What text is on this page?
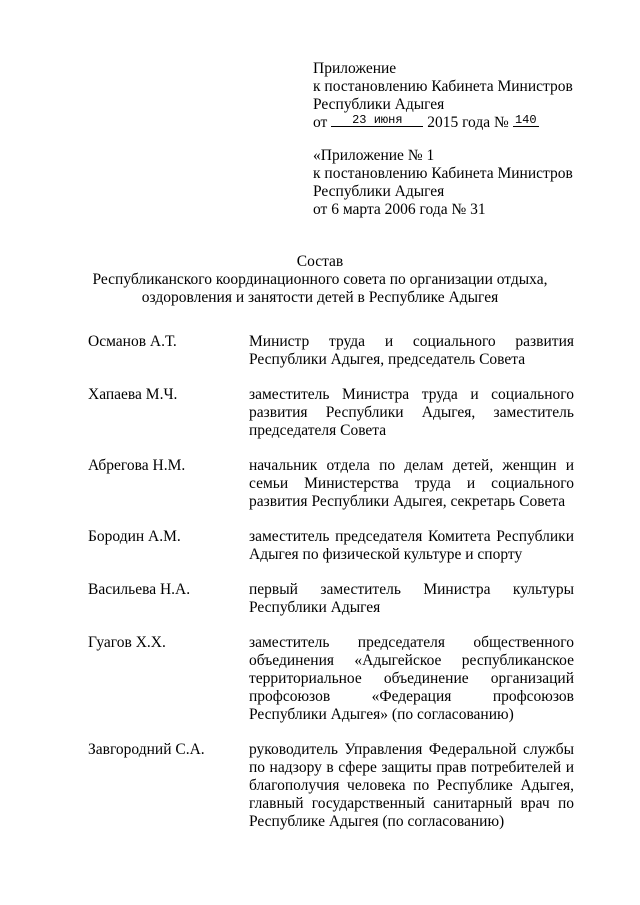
Приложение
к постановлению Кабинета Министров
Республики Адыгея
от 23 июня 2015 года № 140
«Приложение № 1
к постановлению Кабинета Министров
Республики Адыгея
от 6 марта 2006 года № 31
Состав
Республиканского координационного совета по организации отдыха,
оздоровления и занятости детей в Республике Адыгея
Османов А.Т.	Министр труда и социального развития Республики Адыгея, председатель Совета
Хапаева М.Ч.	заместитель Министра труда и социального развития Республики Адыгея, заместитель председателя Совета
Абрегова Н.М.	начальник отдела по делам детей, женщин и семьи Министерства труда и социального развития Республики Адыгея, секретарь Совета
Бородин А.М.	заместитель председателя Комитета Республики Адыгея по физической культуре и спорту
Васильева Н.А.	первый заместитель Министра культуры Республики Адыгея
Гуагов Х.Х.	заместитель председателя общественного объединения «Адыгейское республиканское территориальное объединение организаций профсоюзов «Федерация профсоюзов Республики Адыгея» (по согласованию)
Завгородний С.А.	руководитель Управления Федеральной службы по надзору в сфере защиты прав потребителей и благополучия человека по Республике Адыгея, главный государственный санитарный врач по Республике Адыгея (по согласованию)
